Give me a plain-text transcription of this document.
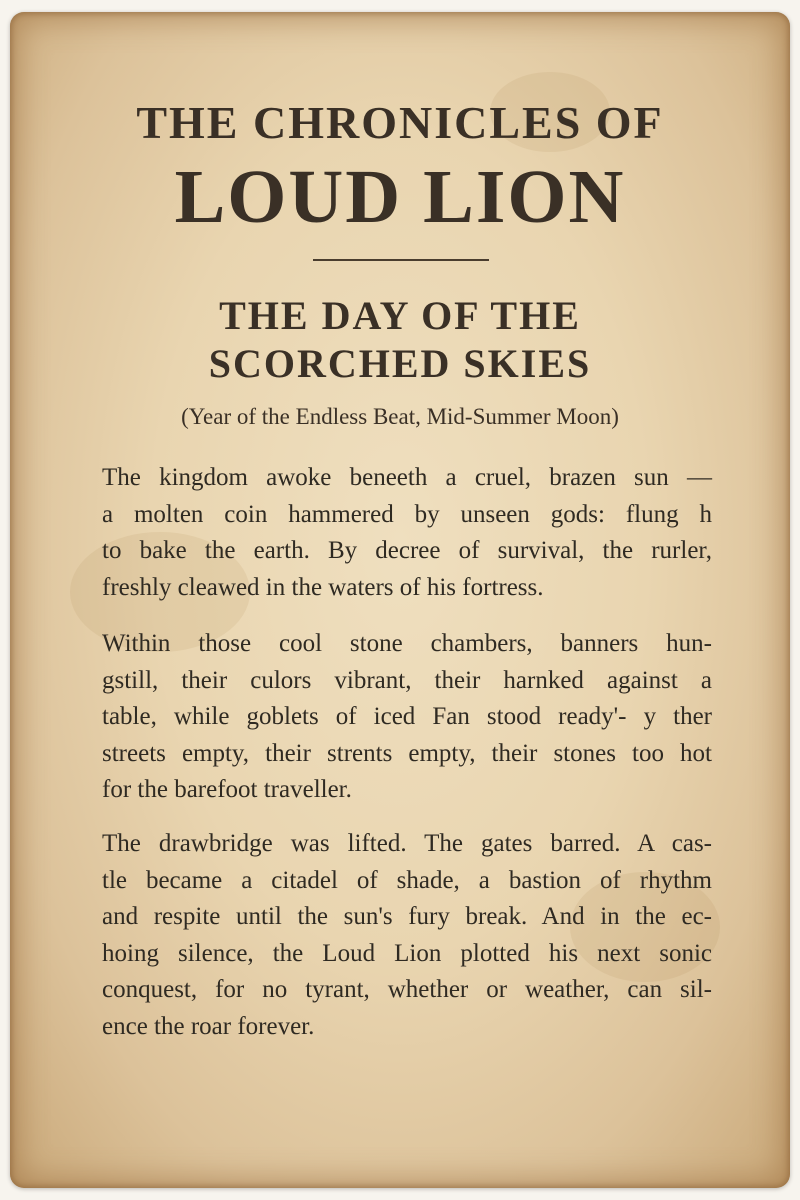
THE CHRONICLES OF
LOUD LION
THE DAY OF THE
SCORCHED SKIES

(Year of the Endless Beat, Mid-Summer Moon)

The kingdom awoke beneeth a cruel, brazen sun —
a molten coin hammered by unseen gods: flung h
to bake the earth. By decree of survival, the rurler,
freshly cleawed in the waters of his fortress.

Within those cool stone chambers, banners hun-
gstill, their culors vibrant, their harnked against a
table, while goblets of iced Fan stood ready'- y ther
streets empty, their strents empty, their stones too hot
for the barefoot traveller.

The drawbridge was lifted. The gates barred. A cas-
tle became a citadel of shade, a bastion of rhythm
and respite until the sun's fury break. And in the ec-
hoing silence, the Loud Lion plotted his next sonic
conquest, for no tyrant, whether or weather, can sil-
ence the roar forever.
